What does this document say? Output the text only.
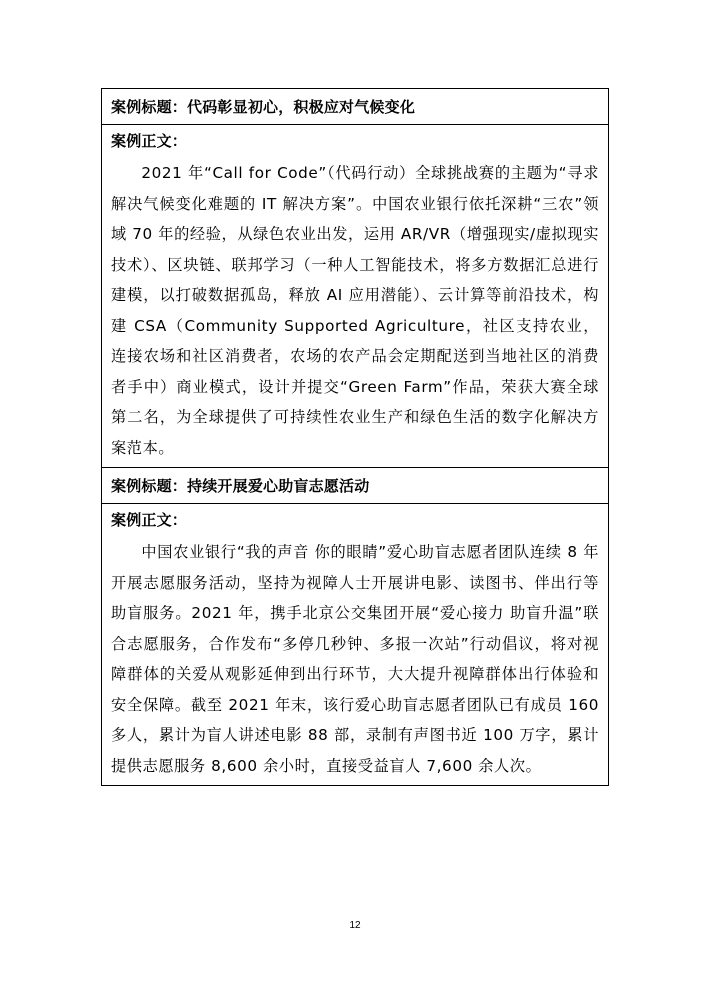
案例标题：代码彰显初心，积极应对气候变化

案例正文：

2021 年“Call for Code”（代码行动）全球挑战赛的主题为“寻求解决气候变化难题的 IT 解决方案”。中国农业银行依托深耕“三农”领域 70 年的经验，从绿色农业出发，运用 AR/VR（增强现实/虚拟现实技术）、区块链、联邦学习（一种人工智能技术，将多方数据汇总进行建模，以打破数据孤岛，释放 AI 应用潜能）、云计算等前沿技术，构建 CSA（Community Supported Agriculture，社区支持农业，连接农场和社区消费者，农场的农产品会定期配送到当地社区的消费者手中）商业模式，设计并提交“Green Farm”作品，荣获大赛全球第二名，为全球提供了可持续性农业生产和绿色生活的数字化解决方案范本。

案例标题：持续开展爱心助盲志愿活动

案例正文：

中国农业银行“我的声音 你的眼睛”爱心助盲志愿者团队连续 8 年开展志愿服务活动，坚持为视障人士开展讲电影、读图书、伴出行等助盲服务。2021 年，携手北京公交集团开展“爱心接力 助盲升温”联合志愿服务，合作发布“多停几秒钟、多报一次站”行动倡议，将对视障群体的关爱从观影延伸到出行环节，大大提升视障群体出行体验和安全保障。截至 2021 年末，该行爱心助盲志愿者团队已有成员 160 多人，累计为盲人讲述电影 88 部，录制有声图书近 100 万字，累计提供志愿服务 8,600 余小时，直接受益盲人 7,600 余人次。

12
